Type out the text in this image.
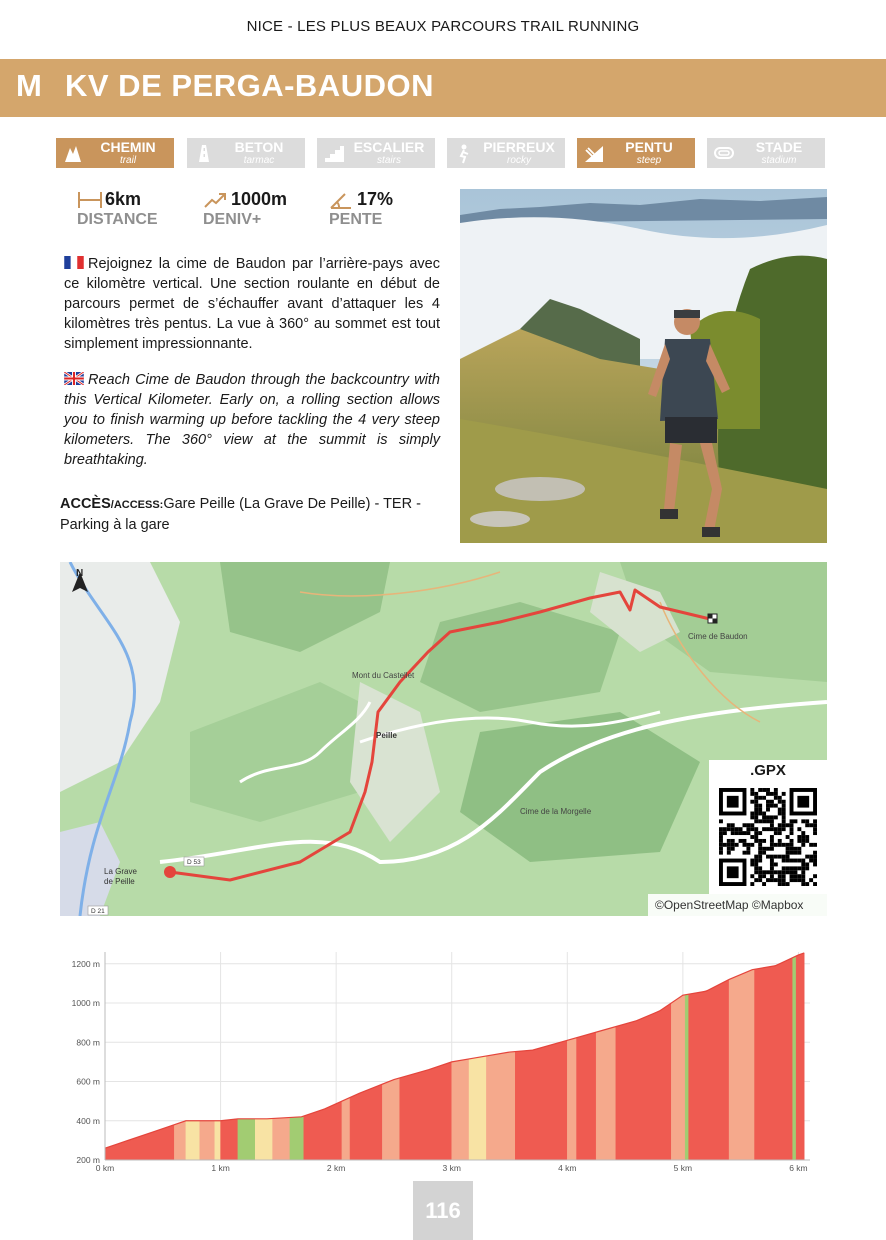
NICE - LES PLUS BEAUX PARCOURS TRAIL RUNNING
M KV DE PERGA-BAUDON
CHEMIN
trail
BETON
tarmac
ESCALIER
stairs
PIERREUX
rocky
PENTU
steep
STADE
stadium
6km
DISTANCE
1000m
DENIV+
17%
PENTE
Rejoignez la cime de Baudon par l’arrière-pays avec ce kilomètre vertical. Une section roulante en début de parcours permet de s’échauffer avant d’attaquer les 4 kilomètres très pentus. La vue à 360° au sommet est tout simplement impressionnante.
Reach Cime de Baudon through the backcountry with this Vertical Kilometer. Early on, a rolling section allows you to finish warming up before tackling the 4 very steep kilometers. The 360° view at the summit is simply breathtaking.
ACCÈS/ACCESS:Gare Peille (La Grave De Peille) - TER - Parking à la gare
N
Cime de Baudon
Mont du Castellet
Peille
Cime de la Morgelle
La Grave
de Peille
D 53
D 21
.GPX
©OpenStreetMap ©Mapbox
200 m
400 m
600 m
800 m
1000 m
1200 m
0 km	1 km	2 km	3 km	4 km	5 km	6 km
116
